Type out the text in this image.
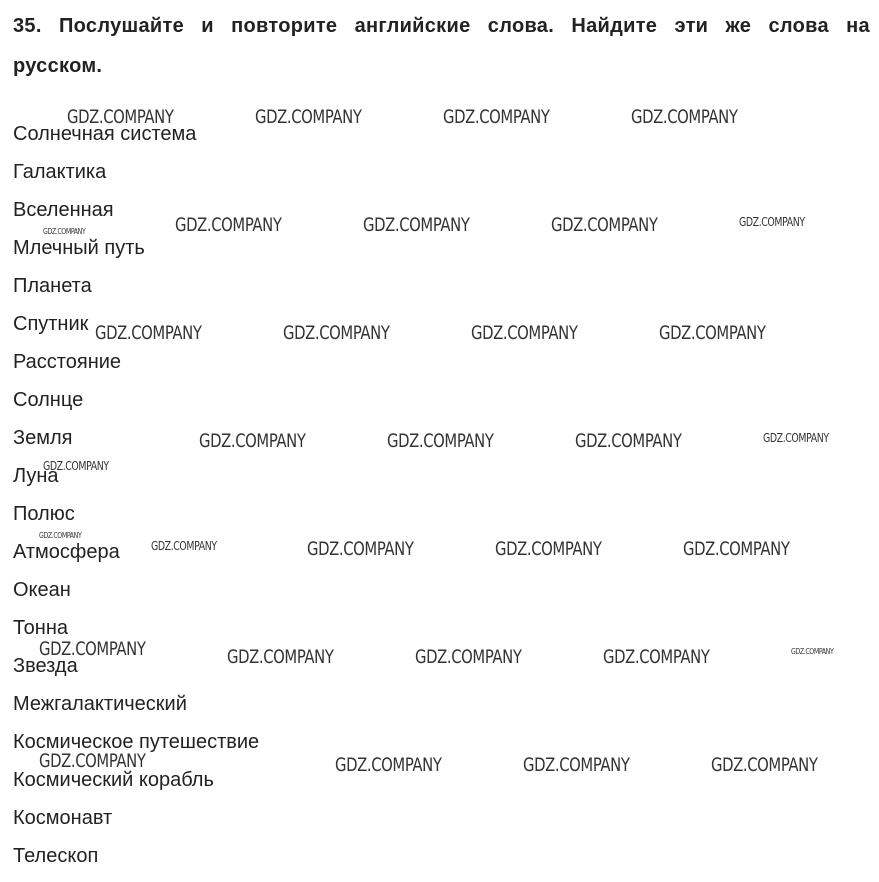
35. Послушайте и повторите английские слова. Найдите эти же слова на русском.

Солнечная система
Галактика
Вселенная
Млечный путь
Планета
Спутник
Расстояние
Солнце
Земля
Луна
Полюс
Атмосфера
Океан
Тонна
Звезда
Межгалактический
Космическое путешествие
Космический корабль
Космонавт
Телескоп
GDZ.COMPANY	GDZ.COMPANY	GDZ.COMPANY	GDZ.COMPANY
GDZ.COMPANY	GDZ.COMPANY	GDZ.COMPANY	GDZ.COMPANY	GDZ.COMPANY
GDZ.COMPANY	GDZ.COMPANY	GDZ.COMPANY	GDZ.COMPANY
GDZ.COMPANY	GDZ.COMPANY	GDZ.COMPANY	GDZ.COMPANY
GDZ.COMPANY
GDZ.COMPANY
GDZ.COMPANY	GDZ.COMPANY	GDZ.COMPANY	GDZ.COMPANY
GDZ.COMPANY	GDZ.COMPANY	GDZ.COMPANY	GDZ.COMPANY	GDZ.COMPANY
GDZ.COMPANY	GDZ.COMPANY	GDZ.COMPANY	GDZ.COMPANY
